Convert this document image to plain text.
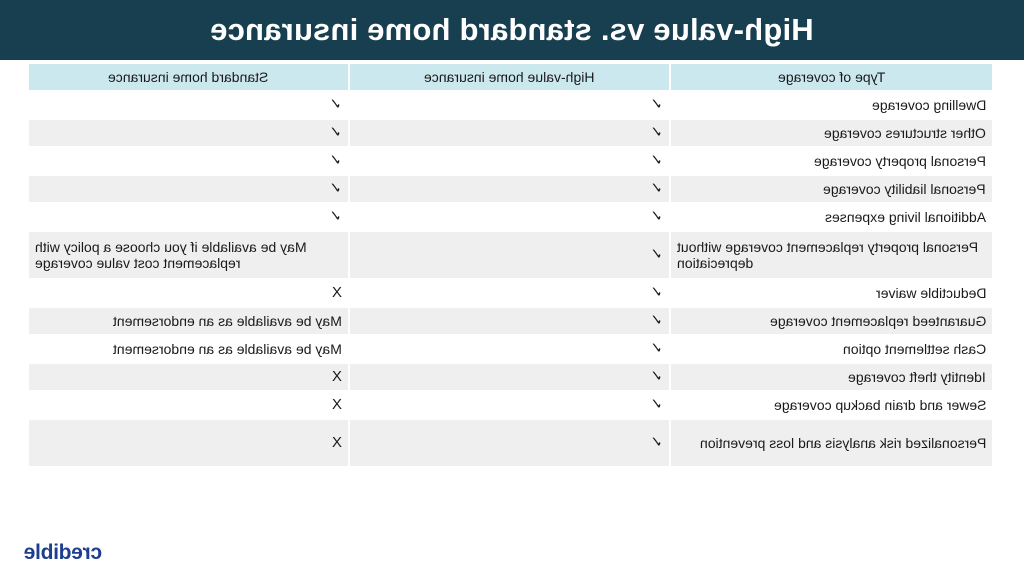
High-value vs. standard home insurance
Standard home insurance	High-value home insurance	Type of coverage
✓	✓	Dwelling coverage
✓	✓	Other structures coverage
✓	✓	Personal property coverage
✓	✓	Personal liability coverage
✓	✓	Additional living expenses
May be available if you choose a policy with replacement cost value coverage	✓ Personal property replacement coverage without depreciation
X	✓	Deductible waiver
May be available as an endorsement	✓	Guaranteed replacement coverage
May be available as an endorsement	✓	Cash settlement option
X	✓	Identity theft coverage
X	✓	Sewer and drain backup coverage
X	✓	Personalized risk analysis and loss prevention
credible
